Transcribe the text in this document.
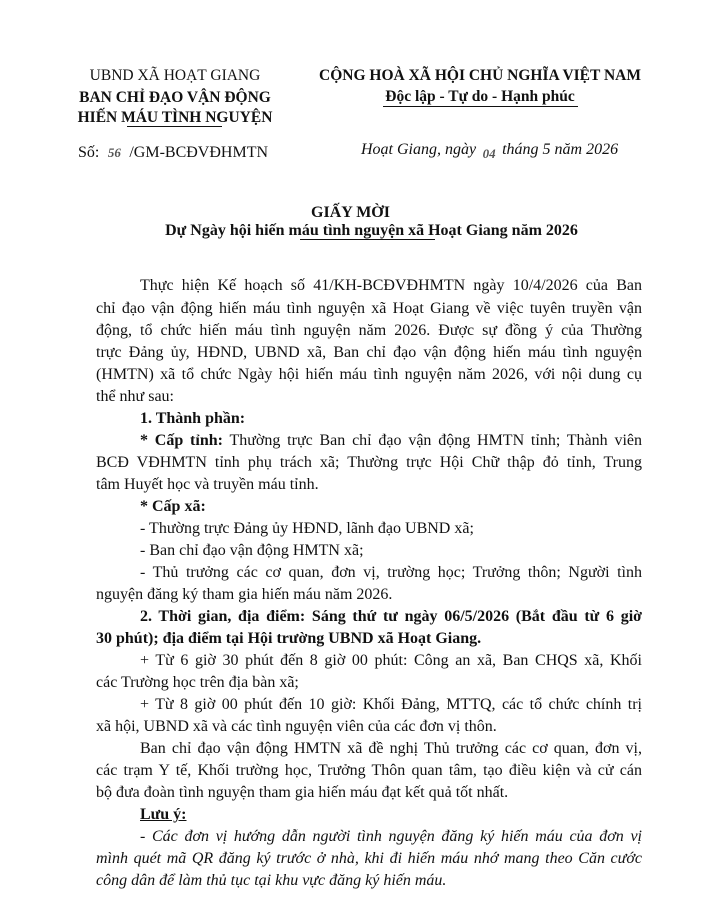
UBND XÃ HOẠT GIANG
BAN CHỈ ĐẠO VẬN ĐỘNG
HIẾN MÁU TÌNH NGUYỆN
Số: 56 /GM-BCĐVĐHMTN
CỘNG HOÀ XÃ HỘI CHỦ NGHĨA VIỆT NAM
Độc lập - Tự do - Hạnh phúc
Hoạt Giang, ngày 04 tháng 5 năm 2026
GIẤY MỜI
Dự Ngày hội hiến máu tình nguyện xã Hoạt Giang năm 2026
Thực hiện Kế hoạch số 41/KH-BCĐVĐHMTN ngày 10/4/2026 của Ban
chỉ đạo vận động hiến máu tình nguyện xã Hoạt Giang về việc tuyên truyền vận
động, tổ chức hiến máu tình nguyện năm 2026. Được sự đồng ý của Thường
trực Đảng ủy, HĐND, UBND xã, Ban chỉ đạo vận động hiến máu tình nguyện
(HMTN) xã tổ chức Ngày hội hiến máu tình nguyện năm 2026, với nội dung cụ
thể như sau:
1. Thành phần:
* Cấp tỉnh: Thường trực Ban chỉ đạo vận động HMTN tỉnh; Thành viên
BCĐ VĐHMTN tỉnh phụ trách xã; Thường trực Hội Chữ thập đỏ tỉnh, Trung
tâm Huyết học và truyền máu tỉnh.
* Cấp xã:
- Thường trực Đảng ủy HĐND, lãnh đạo UBND xã;
- Ban chỉ đạo vận động HMTN xã;
- Thủ trưởng các cơ quan, đơn vị, trường học; Trưởng thôn; Người tình
nguyện đăng ký tham gia hiến máu năm 2026.
2. Thời gian, địa điểm: Sáng thứ tư ngày 06/5/2026 (Bắt đầu từ 6 giờ
30 phút); địa điểm tại Hội trường UBND xã Hoạt Giang.
+ Từ 6 giờ 30 phút đến 8 giờ 00 phút: Công an xã, Ban CHQS xã, Khối
các Trường học trên địa bàn xã;
+ Từ 8 giờ 00 phút đến 10 giờ: Khối Đảng, MTTQ, các tổ chức chính trị
xã hội, UBND xã và các tình nguyện viên của các đơn vị thôn.
Ban chỉ đạo vận động HMTN xã đề nghị Thủ trưởng các cơ quan, đơn vị,
các trạm Y tế, Khối trường học, Trưởng Thôn quan tâm, tạo điều kiện và cử cán
bộ đưa đoàn tình nguyện tham gia hiến máu đạt kết quả tốt nhất.
Lưu ý:
- Các đơn vị hướng dẫn người tình nguyện đăng ký hiến máu của đơn vị
mình quét mã QR đăng ký trước ở nhà, khi đi hiến máu nhớ mang theo Căn cước
công dân để làm thủ tục tại khu vực đăng ký hiến máu.
